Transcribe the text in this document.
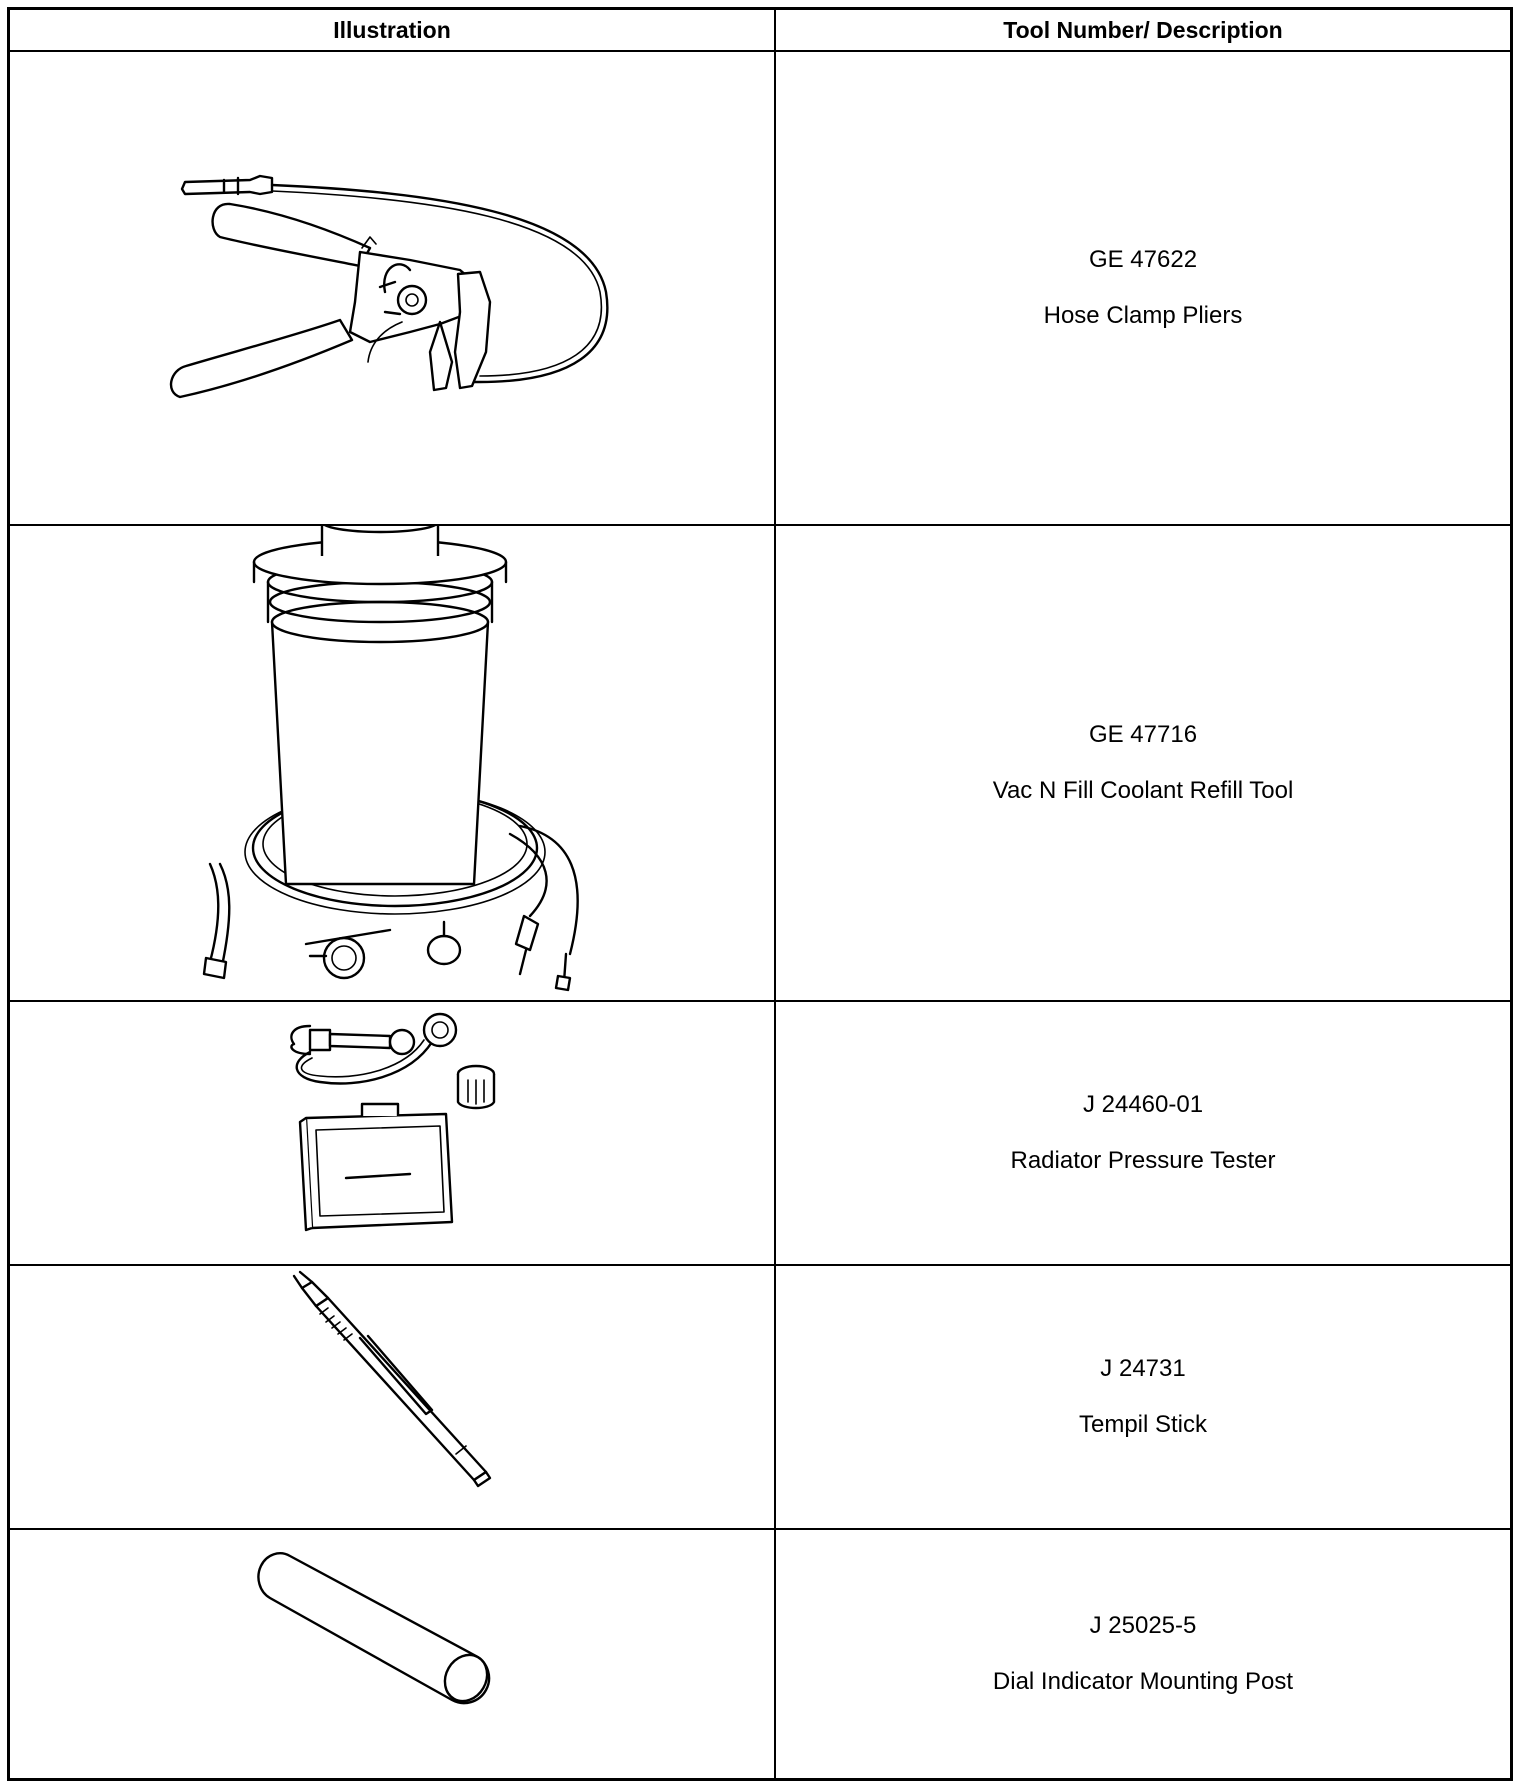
Illustration	Tool Number/ Description
GE 47622
Hose Clamp Pliers
GE 47716
Vac N Fill Coolant Refill Tool
J 24460-01
Radiator Pressure Tester
J 24731
Tempil Stick
J 25025-5
Dial Indicator Mounting Post
